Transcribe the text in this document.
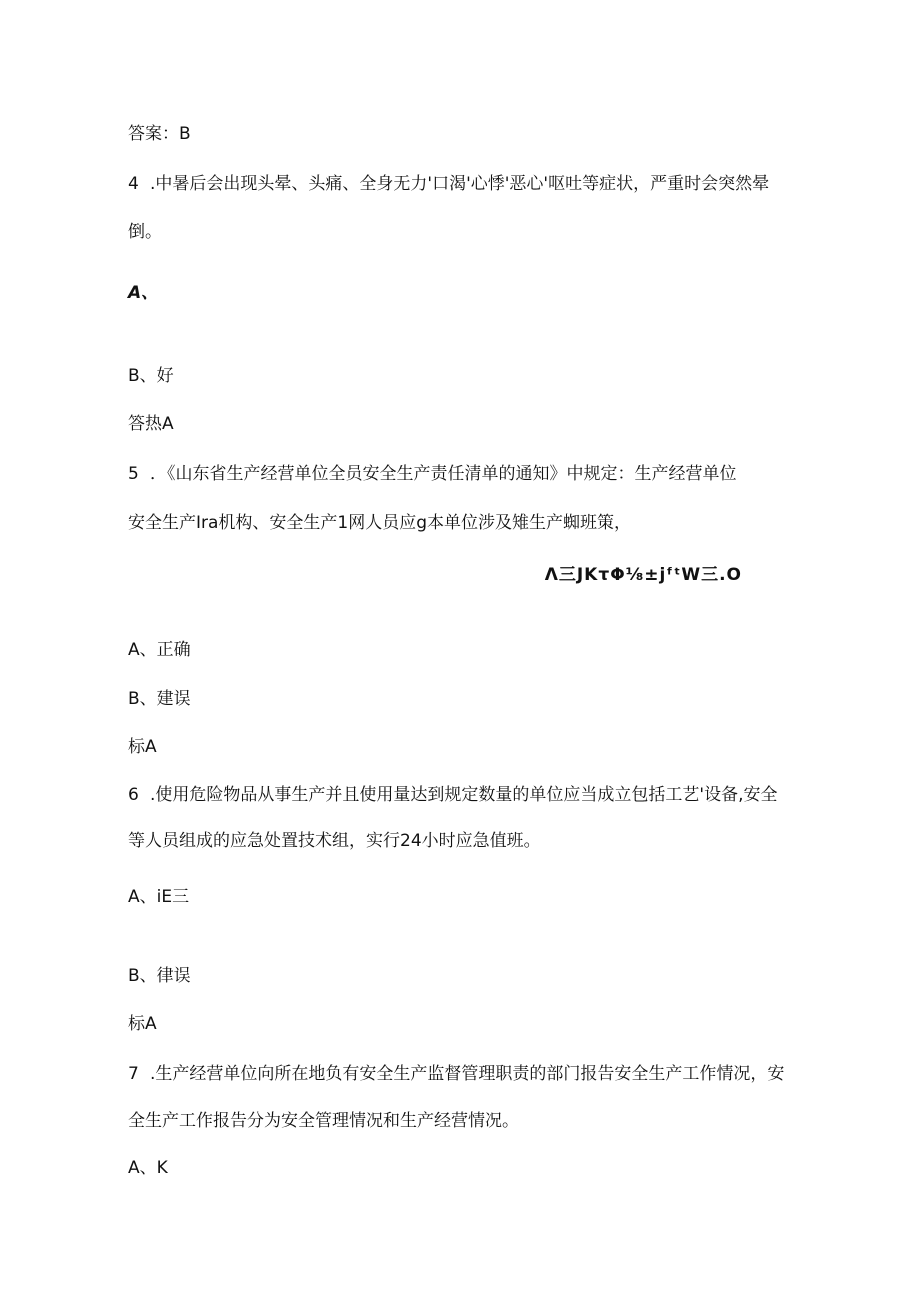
答案：B

4 .中暑后会出现头晕、头痛、全身无力'口渴'心悸'恶心'呕吐等症状，严重时会突然晕

倒。

A、

B、好

答热A

5 ．《山东省生产经营单位全员安全生产责任清单的通知》中规定：生产经营单位

安全生产Ira机构、安全生产1网人员应g本单位涉及雉生产蜘班策，

Λ三JKτΦ⅛±jᶠᵗW三.O

A、正确

B、建误

标A

6 .使用危险物品从事生产并且使用量达到规定数量的单位应当成立包括工艺'设备,安全

等人员组成的应急处置技术组，实行24小时应急值班。

A、iE三

B、律误

标A

7 .生产经营单位向所在地负有安全生产监督管理职责的部门报告安全生产工作情况，安

全生产工作报告分为安全管理情况和生产经营情况。

A、K
